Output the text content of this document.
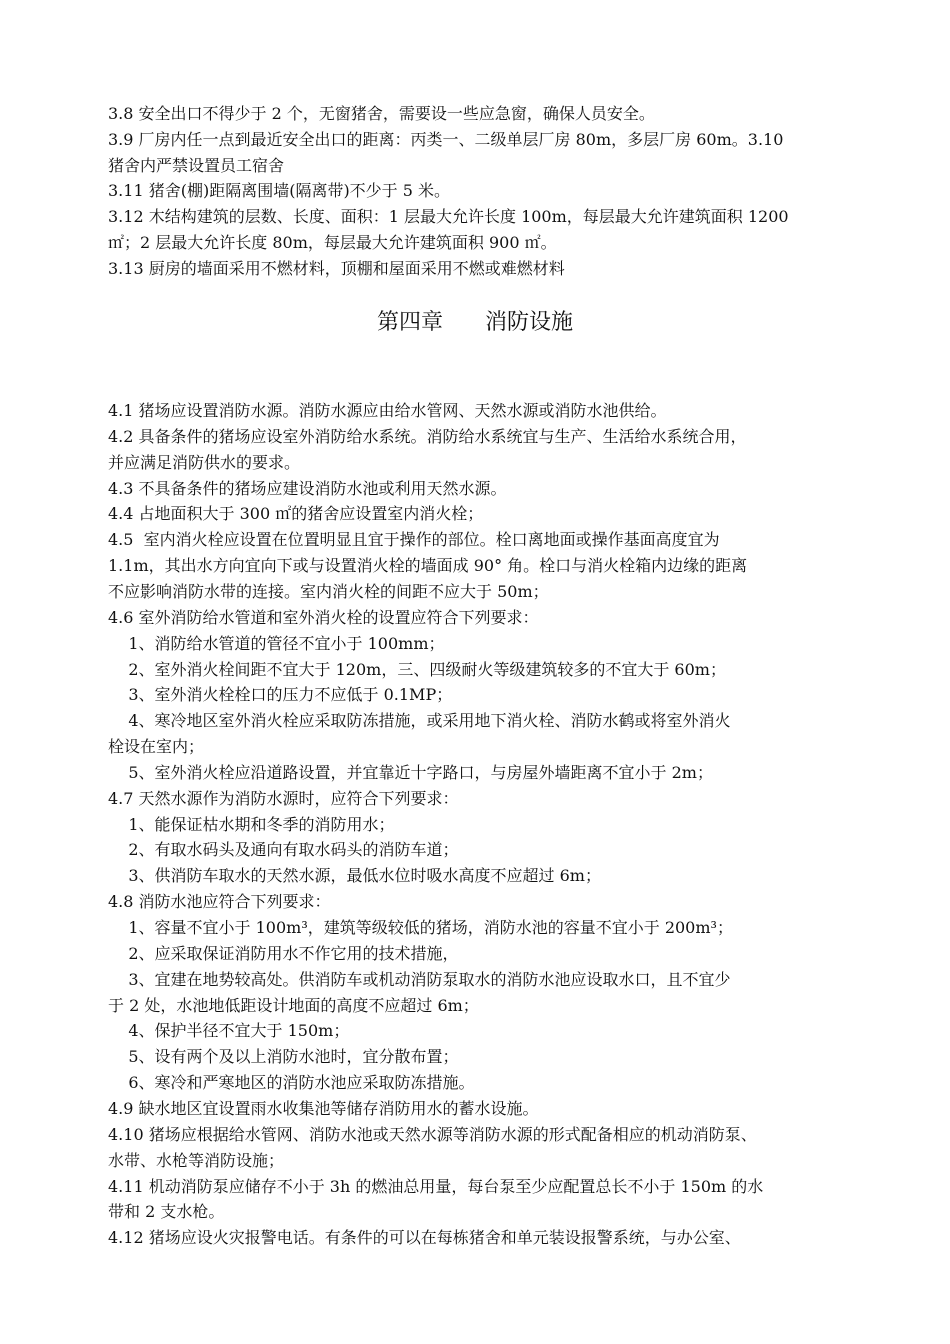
3.8 安全出口不得少于 2 个，无窗猪舍，需要设一些应急窗，确保人员安全。
3.9 厂房内任一点到最近安全出口的距离：丙类一、二级单层厂房 80m，多层厂房 60m。3.10
猪舍内严禁设置员工宿舍
3.11 猪舍(棚)距隔离围墙(隔离带)不少于 5 米。
3.12 木结构建筑的层数、长度、面积：1 层最大允许长度 100m，每层最大允许建筑面积 1200
㎡；2 层最大允许长度 80m，每层最大允许建筑面积 900 ㎡。
3.13 厨房的墙面采用不燃材料，顶棚和屋面采用不燃或难燃材料
第四章      消防设施
4.1 猪场应设置消防水源。消防水源应由给水管网、天然水源或消防水池供给。
4.2 具备条件的猪场应设室外消防给水系统。消防给水系统宜与生产、生活给水系统合用，
并应满足消防供水的要求。
4.3 不具备条件的猪场应建设消防水池或利用天然水源。
4.4 占地面积大于 300 ㎡的猪舍应设置室内消火栓；
4.5  室内消火栓应设置在位置明显且宜于操作的部位。栓口离地面或操作基面高度宜为
1.1m，其出水方向宜向下或与设置消火栓的墙面成 90° 角。栓口与消火栓箱内边缘的距离
不应影响消防水带的连接。室内消火栓的间距不应大于 50m；
4.6 室外消防给水管道和室外消火栓的设置应符合下列要求：
1、消防给水管道的管径不宜小于 100mm；
2、室外消火栓间距不宜大于 120m，三、四级耐火等级建筑较多的不宜大于 60m；
3、室外消火栓栓口的压力不应低于 0.1MP；
4、寒冷地区室外消火栓应采取防冻措施，或采用地下消火栓、消防水鹤或将室外消火
栓设在室内；
5、室外消火栓应沿道路设置，并宜靠近十字路口，与房屋外墙距离不宜小于 2m；
4.7 天然水源作为消防水源时，应符合下列要求：
1、能保证枯水期和冬季的消防用水；
2、有取水码头及通向有取水码头的消防车道；
3、供消防车取水的天然水源，最低水位时吸水高度不应超过 6m；
4.8 消防水池应符合下列要求：
1、容量不宜小于 100m³，建筑等级较低的猪场，消防水池的容量不宜小于 200m³；
2、应采取保证消防用水不作它用的技术措施，
3、宜建在地势较高处。供消防车或机动消防泵取水的消防水池应设取水口，且不宜少
于 2 处，水池地低距设计地面的高度不应超过 6m；
4、保护半径不宜大于 150m；
5、设有两个及以上消防水池时，宜分散布置；
6、寒冷和严寒地区的消防水池应采取防冻措施。
4.9 缺水地区宜设置雨水收集池等储存消防用水的蓄水设施。
4.10 猪场应根据给水管网、消防水池或天然水源等消防水源的形式配备相应的机动消防泵、
水带、水枪等消防设施；
4.11 机动消防泵应储存不小于 3h 的燃油总用量，每台泵至少应配置总长不小于 150m 的水
带和 2 支水枪。
4.12 猪场应设火灾报警电话。有条件的可以在每栋猪舍和单元装设报警系统，与办公室、
